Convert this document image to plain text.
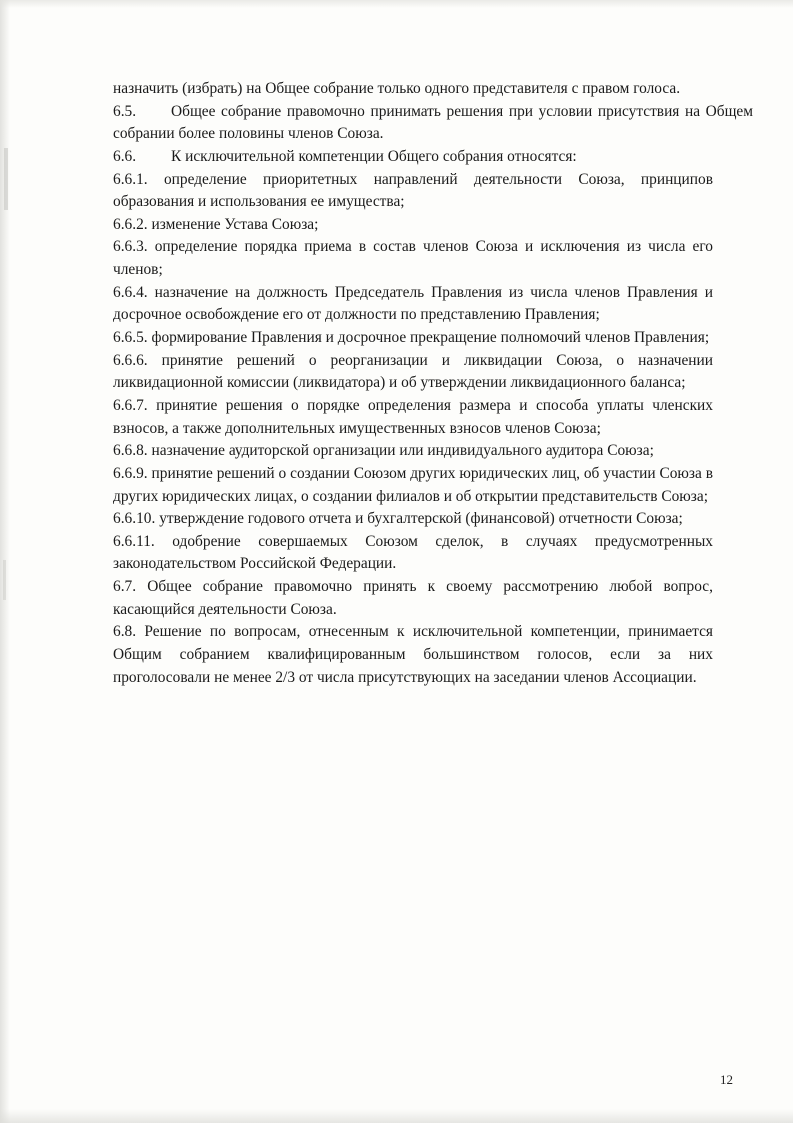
назначить (избрать) на Общее собрание только одного представителя с правом голоса.

6.5. Общее собрание правомочно принимать решения при условии присутствия на Общем собрании более половины членов Союза.

6.6. К исключительной компетенции Общего собрания относятся:

6.6.1. определение приоритетных направлений деятельности Союза, принципов образования и использования ее имущества;

6.6.2. изменение Устава Союза;

6.6.3. определение порядка приема в состав членов Союза и исключения из числа его членов;

6.6.4. назначение на должность Председатель Правления из числа членов Правления и досрочное освобождение его от должности по представлению Правления;

6.6.5. формирование Правления и досрочное прекращение полномочий членов Правления;

6.6.6. принятие решений о реорганизации и ликвидации Союза, о назначении ликвидационной комиссии (ликвидатора) и об утверждении ликвидационного баланса;

6.6.7. принятие решения о порядке определения размера и способа уплаты членских взносов, а также дополнительных имущественных взносов членов Союза;

6.6.8. назначение аудиторской организации или индивидуального аудитора Союза;

6.6.9. принятие решений о создании Союзом других юридических лиц, об участии Союза в других юридических лицах, о создании филиалов и об открытии представительств Союза;

6.6.10. утверждение годового отчета и бухгалтерской (финансовой) отчетности Союза;

6.6.11. одобрение совершаемых Союзом сделок, в случаях предусмотренных законодательством Российской Федерации.

6.7. Общее собрание правомочно принять к своему рассмотрению любой вопрос, касающийся деятельности Союза.

6.8. Решение по вопросам, отнесенным к исключительной компетенции, принимается Общим собранием квалифицированным большинством голосов, если за них проголосовали не менее 2/3 от числа присутствующих на заседании членов Ассоциации.

12
